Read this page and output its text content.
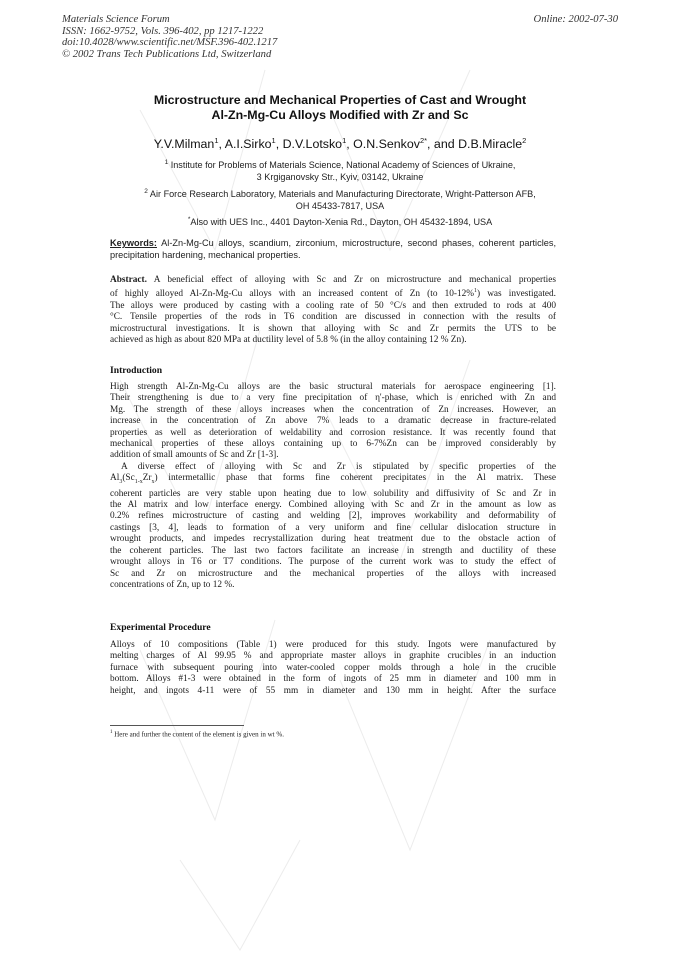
Materials Science Forum
ISSN: 1662-9752, Vols. 396-402, pp 1217-1222
doi:10.4028/www.scientific.net/MSF.396-402.1217
© 2002 Trans Tech Publications Ltd, Switzerland
Online: 2002-07-30
Microstructure and Mechanical Properties of Cast and Wrought
Al-Zn-Mg-Cu Alloys Modified with Zr and Sc
Y.V.Milman$^1$, A.I.Sirko$^1$, D.V.Lotsko$^1$, O.N.Senkov$^{2*}$, and D.B.Miracle$^2$
$^1$ Institute for Problems of Materials Science, National Academy of Sciences of Ukraine,
3 Krgiganovsky Str., Kyiv, 03142, Ukraine
$^2$ Air Force Research Laboratory, Materials and Manufacturing Directorate, Wright-Patterson AFB,
OH 45433-7817, USA
*Also with UES Inc., 4401 Dayton-Xenia Rd., Dayton, OH 45432-1894, USA
Keywords: Al-Zn-Mg-Cu alloys, scandium, zirconium, microstructure, second phases, coherent particles, precipitation hardening, mechanical properties.
Abstract. A beneficial effect of alloying with Sc and Zr on microstructure and mechanical properties
of highly alloyed Al-Zn-Mg-Cu alloys with an increased content of Zn (to 10-12%$^1$) was investigated.
The alloys were produced by casting with a cooling rate of 50 °C/s and then extruded to rods at 400
°C. Tensile properties of the rods in T6 condition are discussed in connection with the results of
microstructural investigations. It is shown that alloying with Sc and Zr permits the UTS to be
achieved as high as about 820 MPa at ductility level of 5.8 % (in the alloy containing 12 % Zn).
Introduction
High strength Al-Zn-Mg-Cu alloys are the basic structural materials for aerospace engineering [1].
Their strengthening is due to a very fine precipitation of η'-phase, which is enriched with Zn and
Mg. The strength of these alloys increases when the concentration of Zn increases. However, an
increase in the concentration of Zn above 7% leads to a dramatic decrease in fracture-related
properties as well as deterioration of weldability and corrosion resistance. It was recently found that
mechanical properties of these alloys containing up to 6-7%Zn can be improved considerably by
addition of small amounts of Sc and Zr [1-3].
A diverse effect of alloying with Sc and Zr is stipulated by specific properties of the
$Al_3(Sc_{1-x}Zr_x)$ intermetallic phase that forms fine coherent precipitates in the Al matrix. These
coherent particles are very stable upon heating due to low solubility and diffusivity of Sc and Zr in
the Al matrix and low interface energy. Combined alloying with Sc and Zr in the amount as low as
0.2% refines microstructure of casting and welding [2], improves workability and deformability of
castings [3, 4], leads to formation of a very uniform and fine cellular dislocation structure in
wrought products, and impedes recrystallization during heat treatment due to the obstacle action of
the coherent particles. The last two factors facilitate an increase in strength and ductility of these
wrought alloys in T6 or T7 conditions. The purpose of the current work was to study the effect of
Sc and Zr on microstructure and the mechanical properties of the alloys with increased
concentrations of Zn, up to 12 %.
Experimental Procedure
Alloys of 10 compositions (Table 1) were produced for this study. Ingots were manufactured by
melting charges of Al 99.95 % and appropriate master alloys in graphite crucibles in an induction
furnace with subsequent pouring into water-cooled copper molds through a hole in the crucible
bottom. Alloys #1-3 were obtained in the form of ingots of 25 mm in diameter and 100 mm in
height, and ingots 4-11 were of 55 mm in diameter and 130 mm in height. After the surface
$^1$ Here and further the content of the element is given in wt %.
